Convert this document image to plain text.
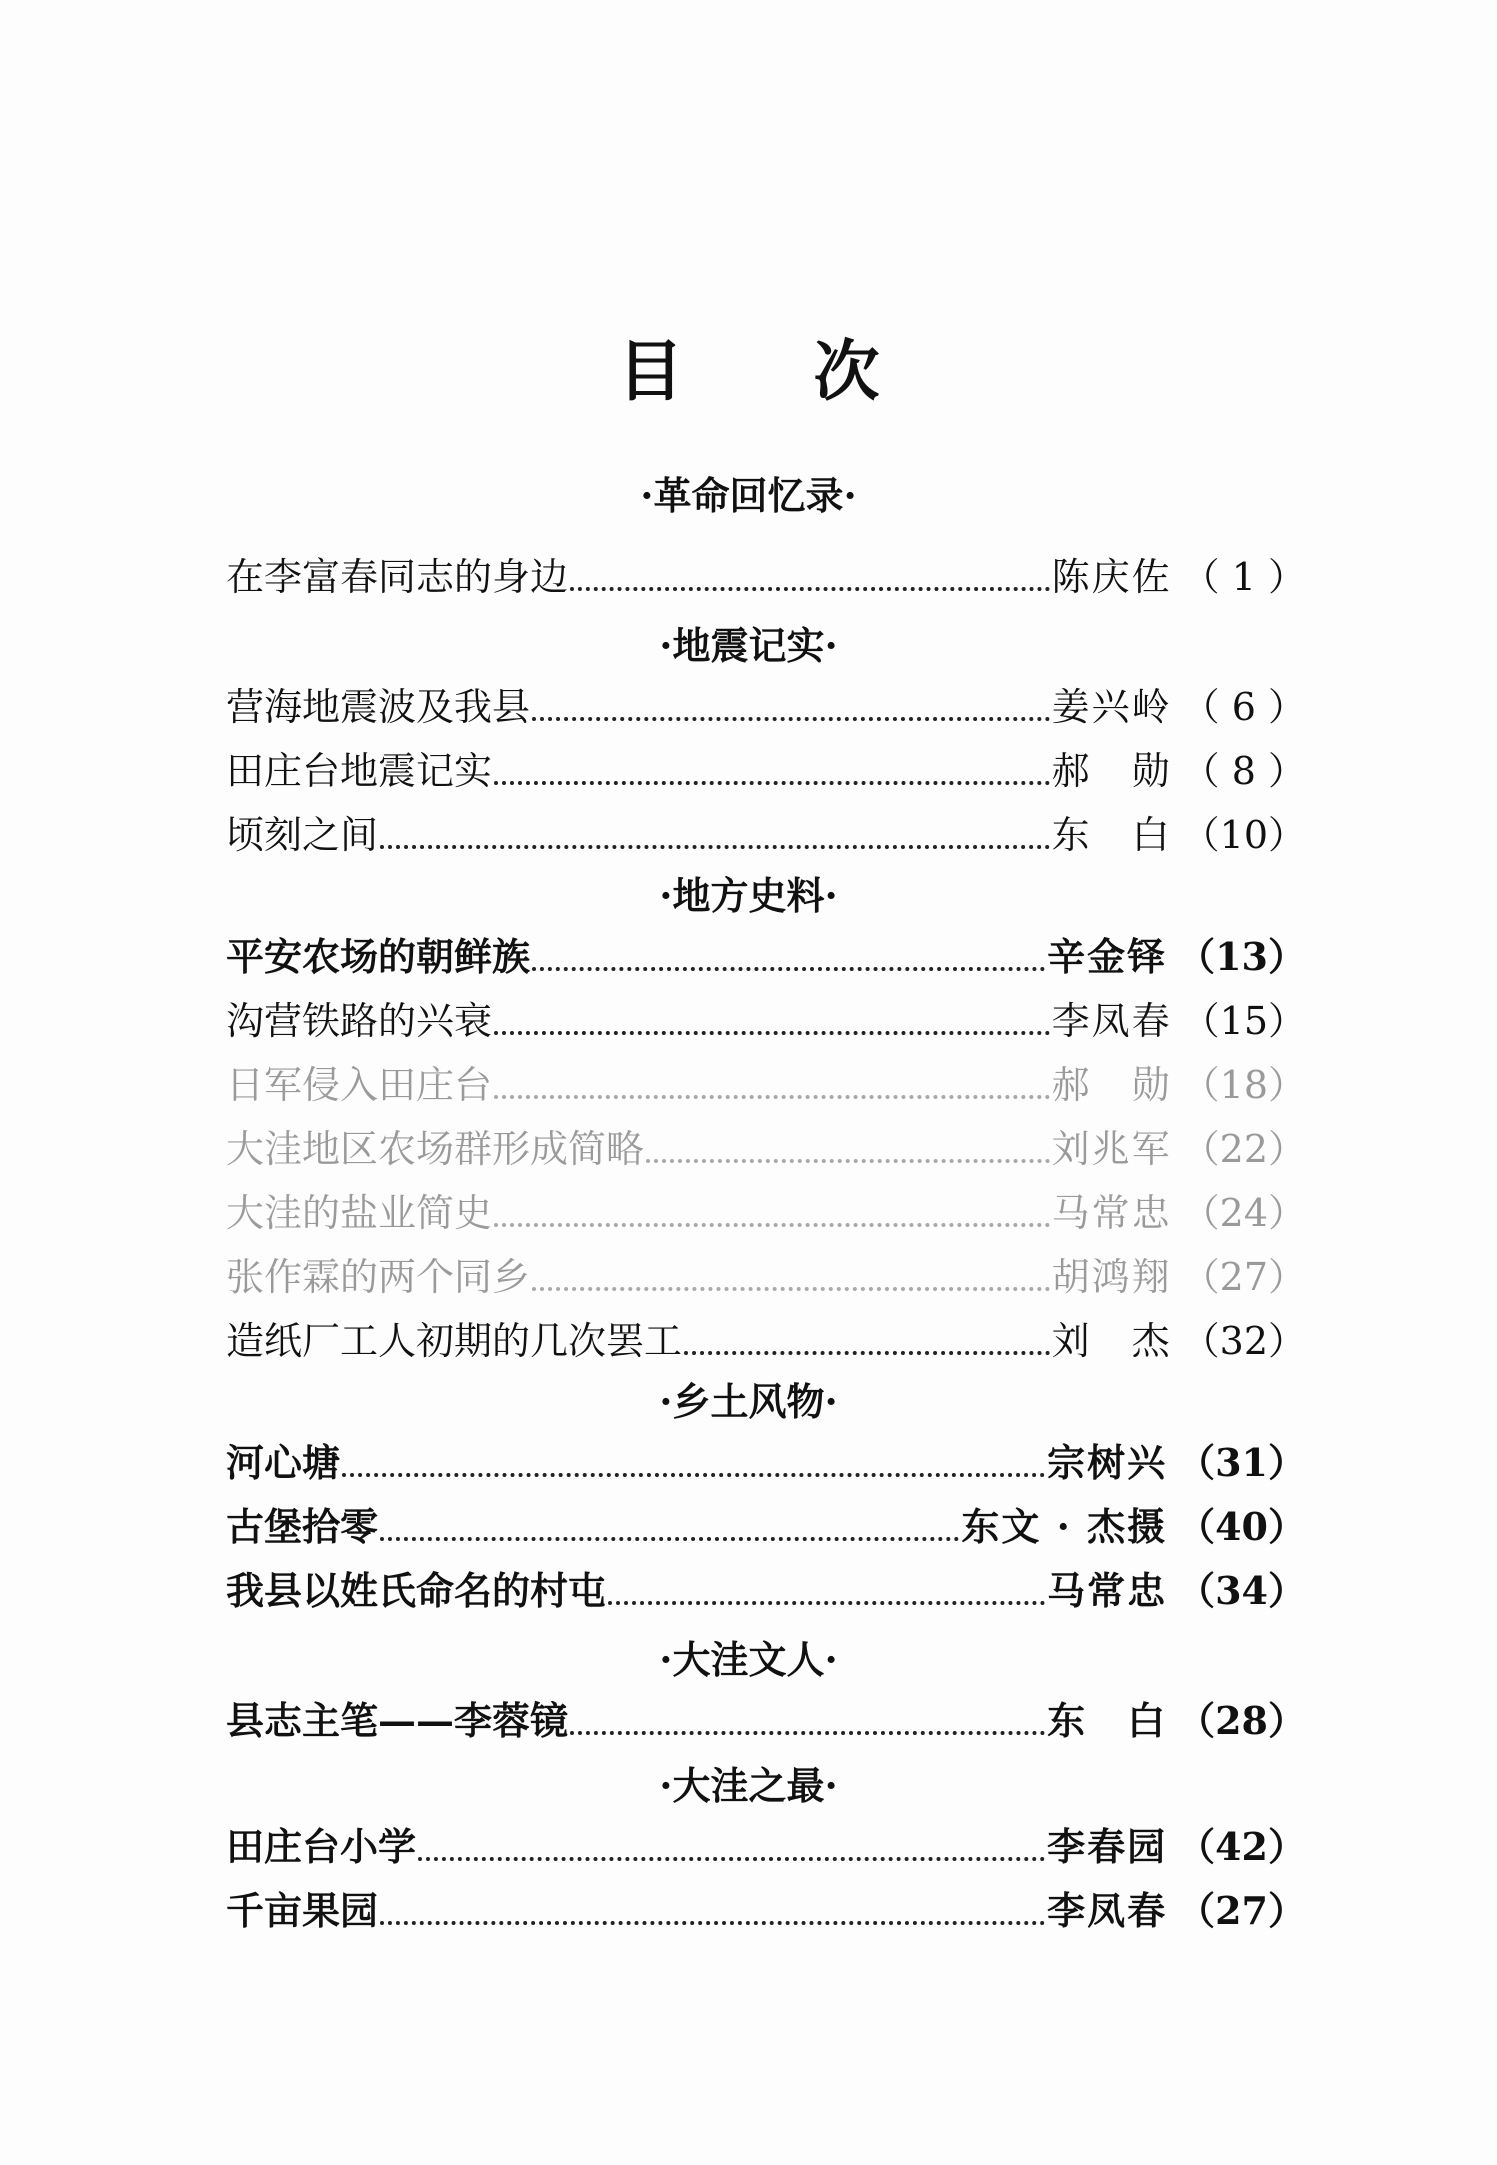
目 次
·革命回忆录·
在李富春同志的身边	陈庆佐 （ 1 ）
·地震记实·
营海地震波及我县	姜兴岭 （ 6 ）
田庄台地震记实	郝　勋 （ 8 ）
顷刻之间	东　白 （10）
·地方史料·
平安农场的朝鲜族	辛金铎 （13）
沟营铁路的兴衰	李凤春 （15）
日军侵入田庄台	郝　勋 （18）
大洼地区农场群形成简略	刘兆军 （22）
大洼的盐业简史	马常忠 （24）
张作霖的两个同乡	胡鸿翔 （27）
造纸厂工人初期的几次罢工	刘　杰 （32）
·乡土风物·
河心塘	宗树兴 （31）
古堡拾零	东文 · 杰摄 （40）
我县以姓氏命名的村屯	马常忠 （34）
·大洼文人·
县志主笔——李蓉镜	东　白 （28）
·大洼之最·
田庄台小学	李春园 （42）
千亩果园	李凤春 （27）
